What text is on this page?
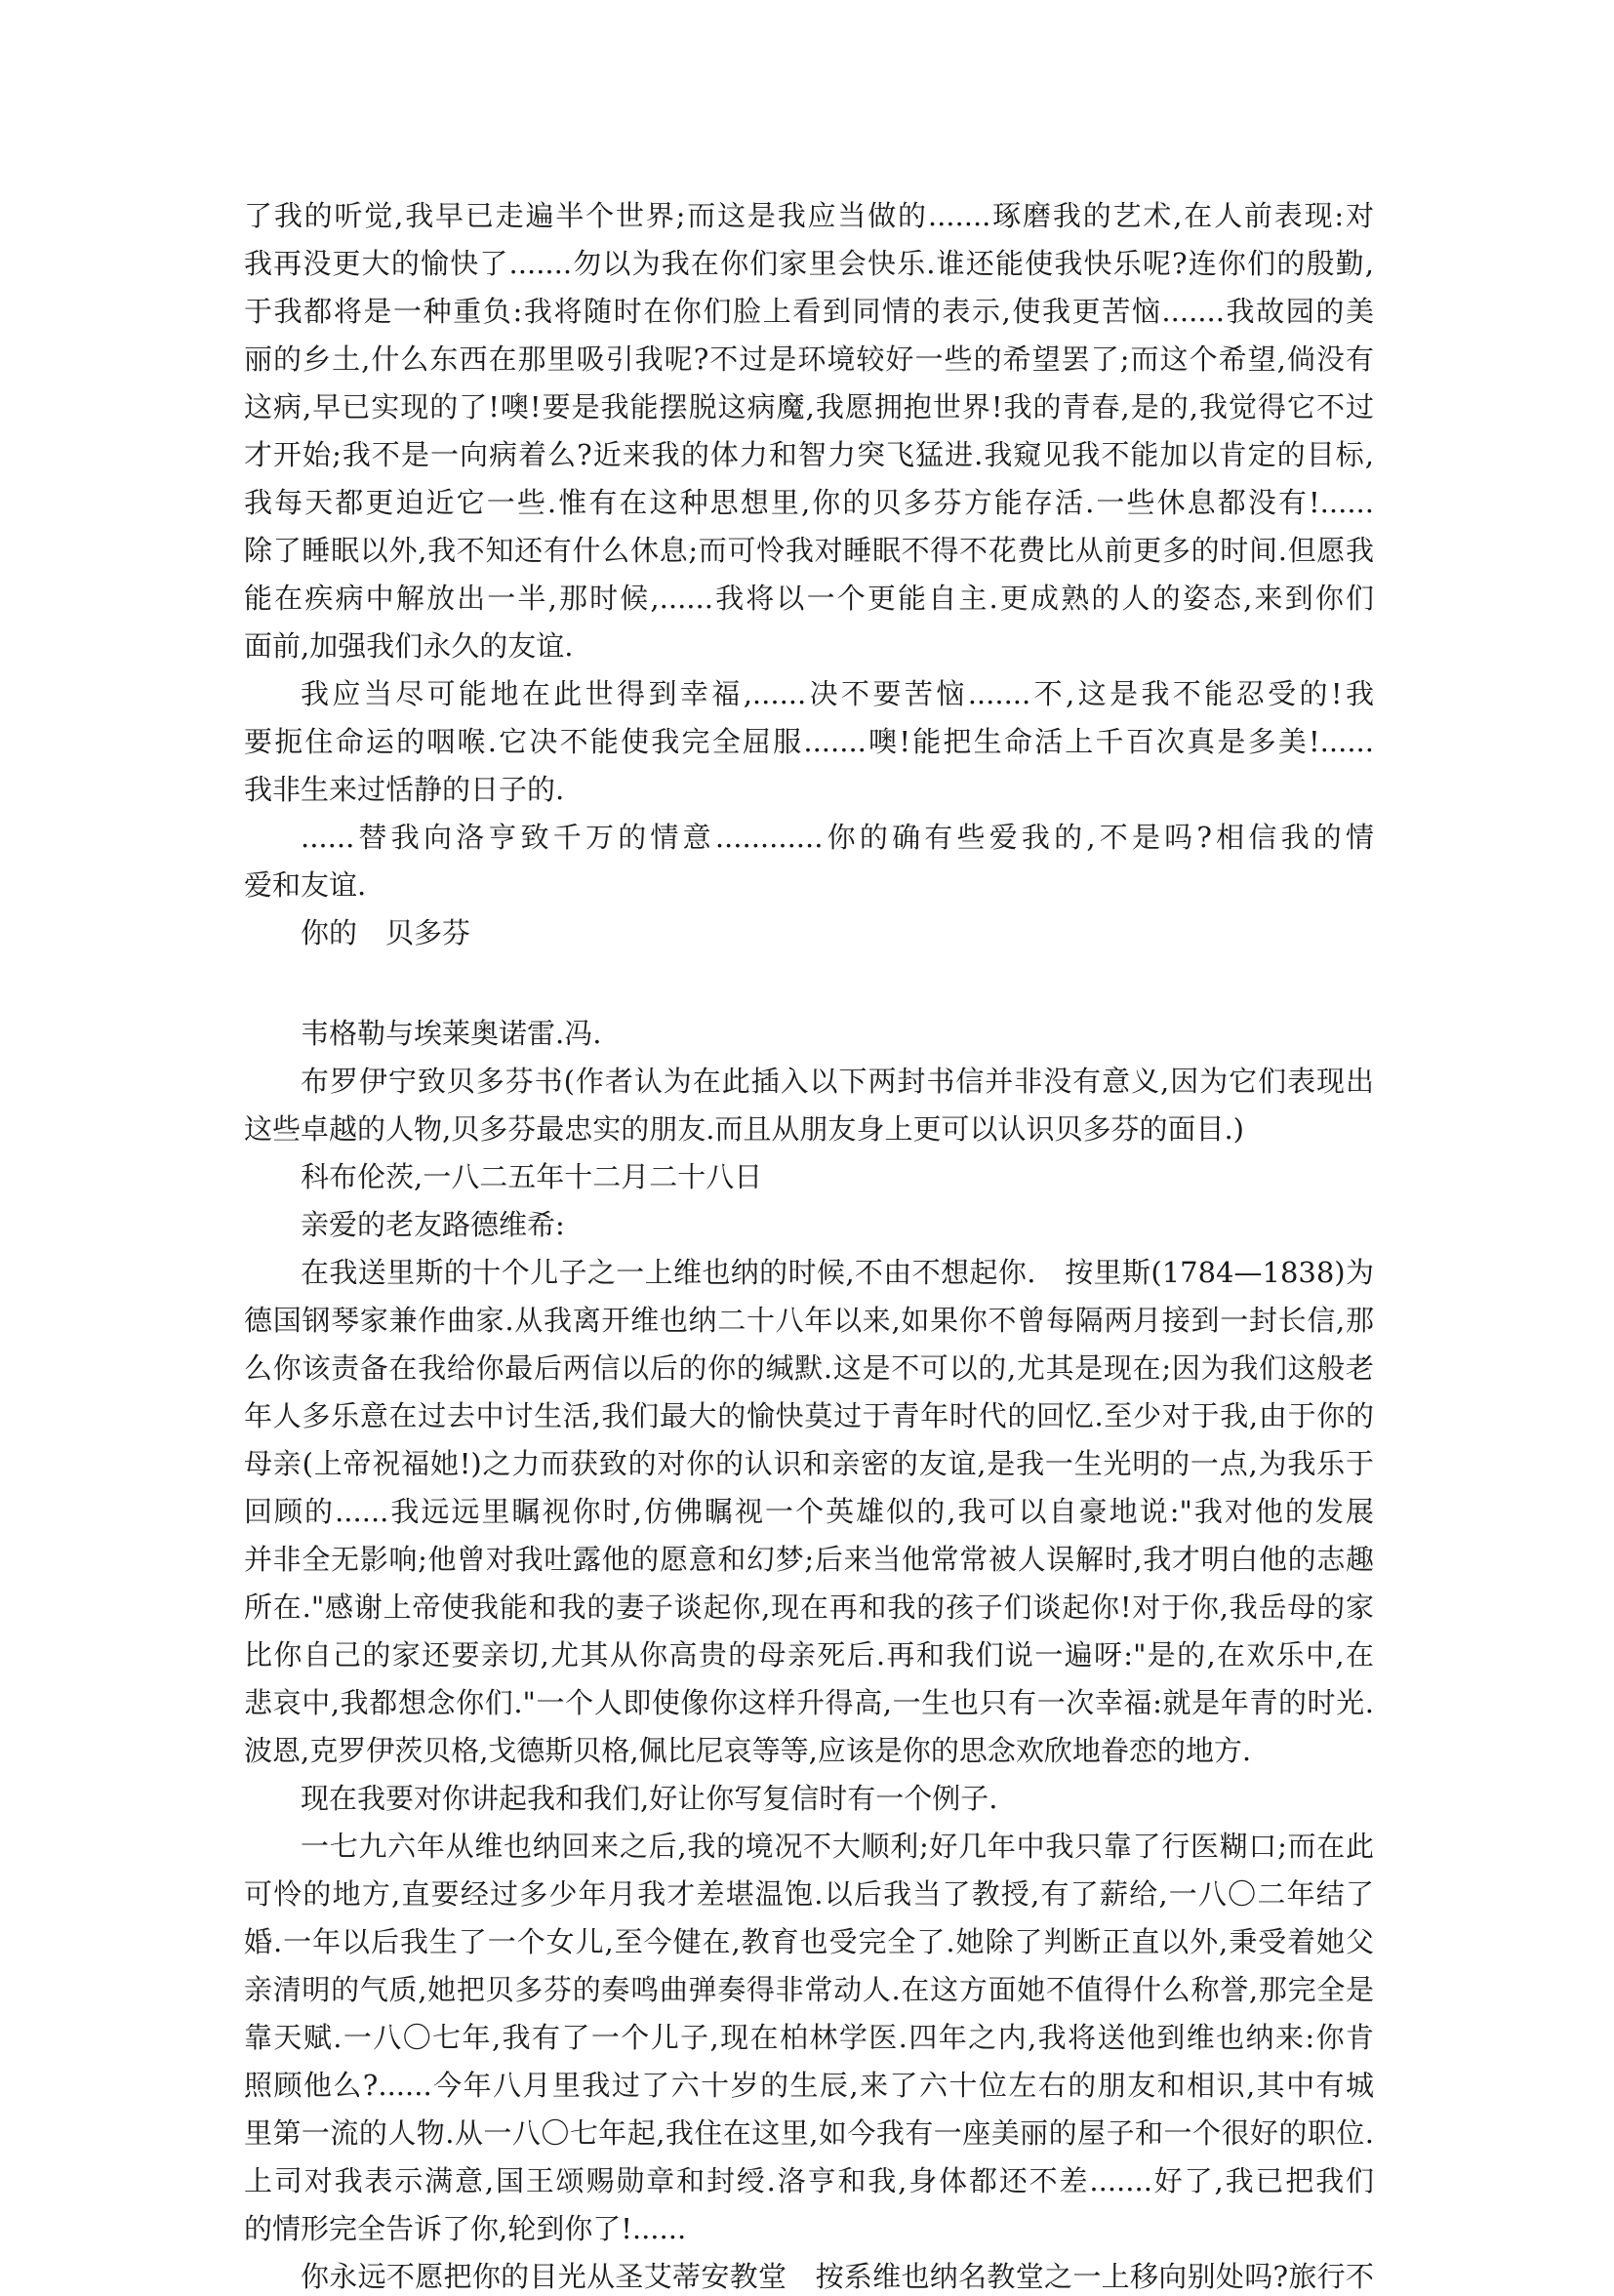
了我的听觉,我早已走遍半个世界;而这是我应当做的.......琢磨我的艺术,在人前表现:对
我再没更大的愉快了.......勿以为我在你们家里会快乐.谁还能使我快乐呢?连你们的殷勤,
于我都将是一种重负:我将随时在你们脸上看到同情的表示,使我更苦恼.......我故园的美
丽的乡土,什么东西在那里吸引我呢?不过是环境较好一些的希望罢了;而这个希望,倘没有
这病,早已实现的了!噢!要是我能摆脱这病魔,我愿拥抱世界!我的青春,是的,我觉得它不过
才开始;我不是一向病着么?近来我的体力和智力突飞猛进.我窥见我不能加以肯定的目标,
我每天都更迫近它一些.惟有在这种思想里,你的贝多芬方能存活.一些休息都没有!......
除了睡眠以外,我不知还有什么休息;而可怜我对睡眠不得不花费比从前更多的时间.但愿我
能在疾病中解放出一半,那时候,......我将以一个更能自主.更成熟的人的姿态,来到你们
面前,加强我们永久的友谊.
我应当尽可能地在此世得到幸福,......决不要苦恼.......不,这是我不能忍受的!我
要扼住命运的咽喉.它决不能使我完全屈服.......噢!能把生命活上千百次真是多美!......
我非生来过恬静的日子的.
......替我向洛亨致千万的情意............你的确有些爱我的,不是吗?相信我的情
爱和友谊.
你的　贝多芬
韦格勒与埃莱奥诺雷.冯.
布罗伊宁致贝多芬书(作者认为在此插入以下两封书信并非没有意义,因为它们表现出
这些卓越的人物,贝多芬最忠实的朋友.而且从朋友身上更可以认识贝多芬的面目.)
科布伦茨,一八二五年十二月二十八日
亲爱的老友路德维希:
在我送里斯的十个儿子之一上维也纳的时候,不由不想起你.　按里斯(1784—1838)为
德国钢琴家兼作曲家.从我离开维也纳二十八年以来,如果你不曾每隔两月接到一封长信,那
么你该责备在我给你最后两信以后的你的缄默.这是不可以的,尤其是现在;因为我们这般老
年人多乐意在过去中讨生活,我们最大的愉快莫过于青年时代的回忆.至少对于我,由于你的
母亲(上帝祝福她!)之力而获致的对你的认识和亲密的友谊,是我一生光明的一点,为我乐于
回顾的......我远远里瞩视你时,仿佛瞩视一个英雄似的,我可以自豪地说:"我对他的发展
并非全无影响;他曾对我吐露他的愿意和幻梦;后来当他常常被人误解时,我才明白他的志趣
所在."感谢上帝使我能和我的妻子谈起你,现在再和我的孩子们谈起你!对于你,我岳母的家
比你自己的家还要亲切,尤其从你高贵的母亲死后.再和我们说一遍呀:"是的,在欢乐中,在
悲哀中,我都想念你们."一个人即使像你这样升得高,一生也只有一次幸福:就是年青的时光.
波恩,克罗伊茨贝格,戈德斯贝格,佩比尼哀等等,应该是你的思念欢欣地眷恋的地方.
现在我要对你讲起我和我们,好让你写复信时有一个例子.
一七九六年从维也纳回来之后,我的境况不大顺利;好几年中我只靠了行医糊口;而在此
可怜的地方,直要经过多少年月我才差堪温饱.以后我当了教授,有了薪给,一八〇二年结了
婚.一年以后我生了一个女儿,至今健在,教育也受完全了.她除了判断正直以外,秉受着她父
亲清明的气质,她把贝多芬的奏鸣曲弹奏得非常动人.在这方面她不值得什么称誉,那完全是
靠天赋.一八〇七年,我有了一个儿子,现在柏林学医.四年之内,我将送他到维也纳来:你肯
照顾他么?......今年八月里我过了六十岁的生辰,来了六十位左右的朋友和相识,其中有城
里第一流的人物.从一八〇七年起,我住在这里,如今我有一座美丽的屋子和一个很好的职位.
上司对我表示满意,国王颂赐勋章和封绶.洛亨和我,身体都还不差.......好了,我已把我们
的情形完全告诉了你,轮到你了!......
你永远不愿把你的目光从圣艾蒂安教堂　按系维也纳名教堂之一上移向别处吗?旅行不
